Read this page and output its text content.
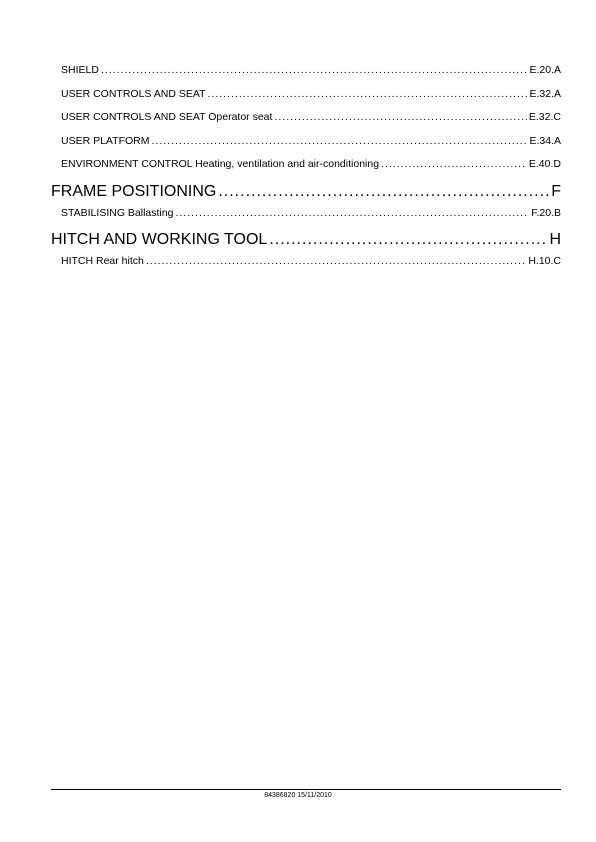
SHIELD .....	E.20.A
USER CONTROLS AND SEAT .....	E.32.A
USER CONTROLS AND SEAT Operator seat .....	E.32.C
USER PLATFORM .....	E.34.A
ENVIRONMENT CONTROL Heating, ventilation and air-conditioning .....	E.40.D
FRAME POSITIONING .....	F
STABILISING Ballasting .....	F.20.B
HITCH AND WORKING TOOL .....	H
HITCH Rear hitch .....	H.10.C
84386820 15/11/2010
